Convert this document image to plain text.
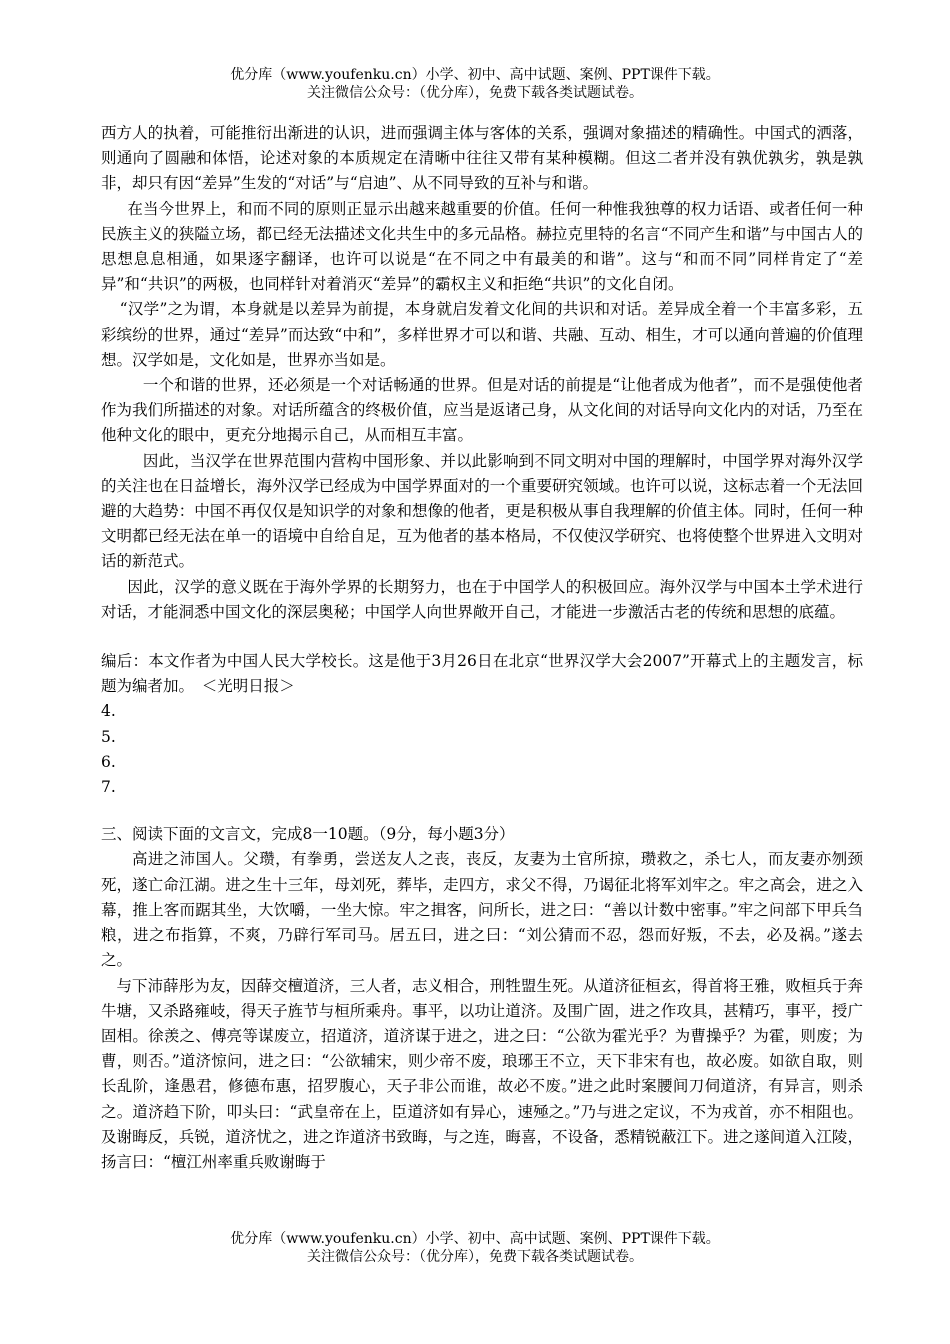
优分库（www.youfenku.cn）小学、初中、高中试题、案例、PPT课件下载。

关注微信公众号：（优分库），免费下载各类试题试卷。

西方人的执着，可能推衍出渐进的认识，进而强调主体与客体的关系，强调对象描述的精确性。中国式的洒落，则通向了圆融和体悟，论述对象的本质规定在清晰中往往又带有某种模糊。但这二者并没有孰优孰劣，孰是孰非，却只有因“差异”生发的“对话”与“启迪”、从不同导致的互补与和谐。

在当今世界上，和而不同的原则正显示出越来越重要的价值。任何一种惟我独尊的权力话语、或者任何一种民族主义的狭隘立场，都已经无法描述文化共生中的多元品格。赫拉克里特的名言“不同产生和谐”与中国古人的思想息息相通，如果逐字翻译，也许可以说是“在不同之中有最美的和谐”。这与“和而不同”同样肯定了“差异”和“共识”的两极，也同样针对着消灭“差异”的霸权主义和拒绝“共识”的文化自闭。

“汉学”之为谓，本身就是以差异为前提，本身就启发着文化间的共识和对话。差异成全着一个丰富多彩，五彩缤纷的世界，通过“差异”而达致“中和”，多样世界才可以和谐、共融、互动、相生，才可以通向普遍的价值理想。汉学如是，文化如是，世界亦当如是。

一个和谐的世界，还必须是一个对话畅通的世界。但是对话的前提是“让他者成为他者”，而不是强使他者作为我们所描述的对象。对话所蕴含的终极价值，应当是返诸己身，从文化间的对话导向文化内的对话，乃至在他种文化的眼中，更充分地揭示自己，从而相互丰富。

因此，当汉学在世界范围内营构中国形象、并以此影响到不同文明对中国的理解时，中国学界对海外汉学的关注也在日益增长，海外汉学已经成为中国学界面对的一个重要研究领域。也许可以说，这标志着一个无法回避的大趋势：中国不再仅仅是知识学的对象和想像的他者，更是积极从事自我理解的价值主体。同时，任何一种文明都已经无法在单一的语境中自给自足，互为他者的基本格局，不仅使汉学研究、也将使整个世界进入文明对话的新范式。

因此，汉学的意义既在于海外学界的长期努力，也在于中国学人的积极回应。海外汉学与中国本土学术进行对话，才能洞悉中国文化的深层奥秘；中国学人向世界敞开自己，才能进一步激活古老的传统和思想的底蕴。

编后：本文作者为中国人民大学校长。这是他于3月26日在北京“世界汉学大会2007”开幕式上的主题发言，标题为编者加。　＜光明日报＞

4.

5.

6.

7.

三、阅读下面的文言文，完成8一10题。（9分，每小题3分）

高进之沛国人。父瓒，有拳勇，尝送友人之丧，丧反，友妻为土官所掠，瓒救之，杀七人，而友妻亦刎颈死，遂亡命江湖。进之生十三年，母刘死，葬毕，走四方，求父不得，乃谒征北将军刘牢之。牢之高会，进之入幕，推上客而踞其坐，大饮嚼，一坐大惊。牢之揖客，问所长，进之曰：“善以计数中密事。”牢之问部下甲兵刍粮，进之布指算，不爽，乃辟行军司马。居五曰，进之曰：“刘公猜而不忍，怨而好叛，不去，必及祸。”遂去之。

与下沛薛彤为友，因薛交檀道济，三人者，志义相合，刑牲盟生死。从道济征桓玄，得首将王雅，败桓兵于奔牛塘，又杀路雍岐，得天子旌节与桓所乘舟。事平，以功让道济。及围广固，进之作攻具，甚精巧，事平，授广固相。徐羡之、傅亮等谋废立，招道济，道济谋于进之，进之曰：“公欲为霍光乎？为曹操乎？为霍，则废；为曹，则否。”道济惊问，进之曰：“公欲辅宋，则少帝不废，琅琊王不立，天下非宋有也，故必废。如欲自取，则长乱阶，逢愚君，修德布惠，招罗腹心，天子非公而谁，故必不废。”进之此时案腰间刀伺道济，有异言，则杀之。道济趋下阶，叩头曰：“武皇帝在上，臣道济如有异心，速殛之。”乃与进之定议，不为戎首，亦不相阻也。及谢晦反，兵锐，道济忧之，进之诈道济书致晦，与之连，晦喜，不设备，悉精锐蔽江下。进之遂间道入江陵，扬言曰：“檀江州率重兵败谢晦于

优分库（www.youfenku.cn）小学、初中、高中试题、案例、PPT课件下载。

关注微信公众号：（优分库），免费下载各类试题试卷。
